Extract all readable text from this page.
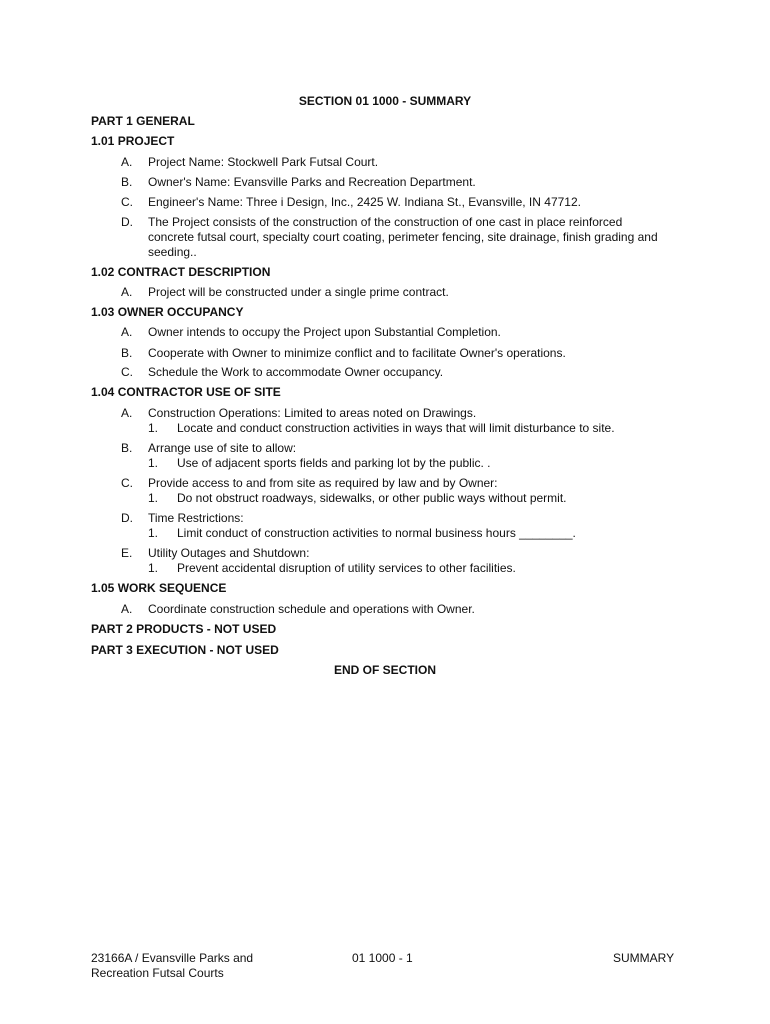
SECTION 01 1000 - SUMMARY
PART 1 GENERAL
1.01 PROJECT
A. Project Name: Stockwell Park Futsal Court.
B. Owner's Name: Evansville Parks and Recreation Department.
C. Engineer's Name: Three i Design, Inc., 2425 W. Indiana St., Evansville, IN 47712.
D. The Project consists of the construction of the construction of one cast in place reinforced
concrete futsal court, specialty court coating, perimeter fencing, site drainage, finish grading and
seeding..
1.02 CONTRACT DESCRIPTION
A. Project will be constructed under a single prime contract.
1.03 OWNER OCCUPANCY
A. Owner intends to occupy the Project upon Substantial Completion.
B. Cooperate with Owner to minimize conflict and to facilitate Owner's operations.
C. Schedule the Work to accommodate Owner occupancy.
1.04 CONTRACTOR USE OF SITE
A. Construction Operations: Limited to areas noted on Drawings.
1. Locate and conduct construction activities in ways that will limit disturbance to site.
B. Arrange use of site to allow:
1. Use of adjacent sports fields and parking lot by the public. .
C. Provide access to and from site as required by law and by Owner:
1. Do not obstruct roadways, sidewalks, or other public ways without permit.
D. Time Restrictions:
1. Limit conduct of construction activities to normal business hours ________.
E. Utility Outages and Shutdown:
1. Prevent accidental disruption of utility services to other facilities.
1.05 WORK SEQUENCE
A. Coordinate construction schedule and operations with Owner.
PART 2 PRODUCTS - NOT USED
PART 3 EXECUTION - NOT USED
END OF SECTION
23166A / Evansville Parks and
Recreation Futsal Courts
01 1000 - 1	SUMMARY
